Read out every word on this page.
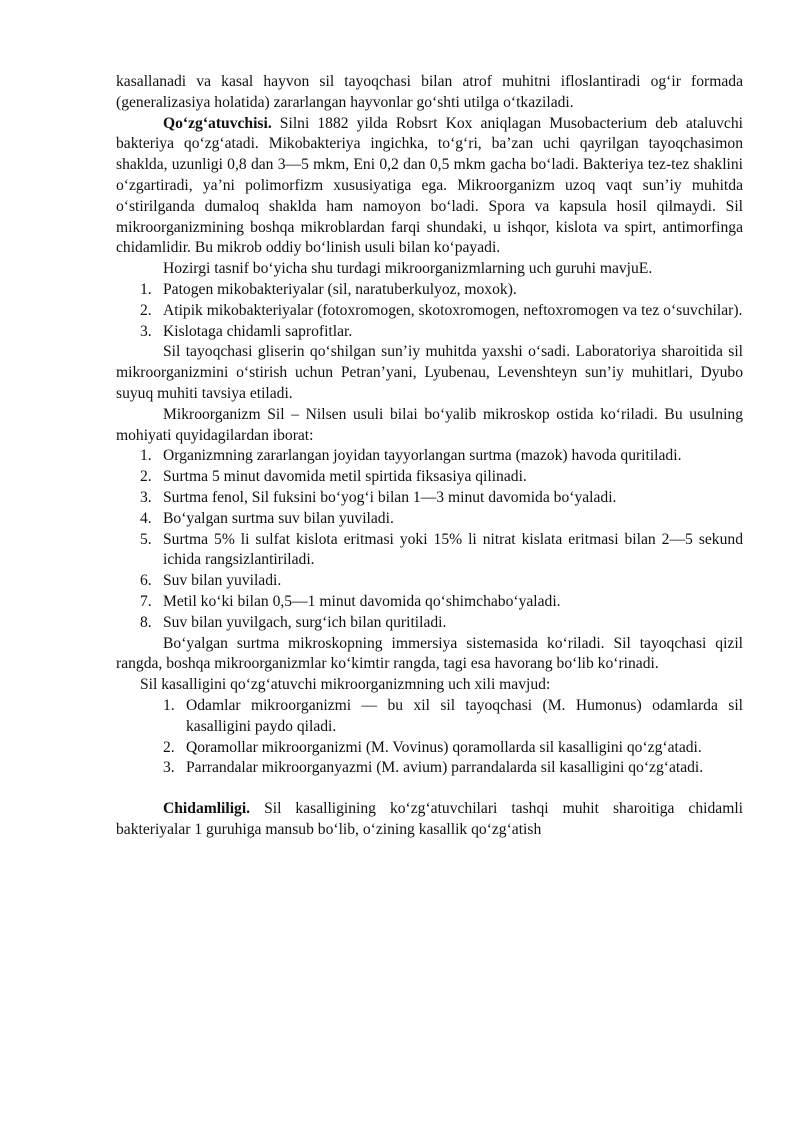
kasallanadi va kasal hayvon sil tayoqchasi bilan atrof muhitni ifloslantiradi og‘ir formada (generalizasiya holatida) zararlangan hayvonlar go‘shti utilga o‘tkaziladi.

Qo‘zg‘atuvchisi. Silni 1882 yilda Robsrt Kox aniqlagan Musobacterium deb ataluvchi bakteriya qo‘zg‘atadi. Mikobakteriya ingichka, to‘g‘ri, ba’zan uchi qayrilgan tayoqchasimon shaklda, uzunligi 0,8 dan 3—5 mkm, Eni 0,2 dan 0,5 mkm gacha bo‘ladi. Bakteriya tez-tez shaklini o‘zgartiradi, ya’ni polimorfizm xususiyatiga ega. Mikroorganizm uzoq vaqt sun’iy muhitda o‘stirilganda dumaloq shaklda ham namoyon bo‘ladi. Spora va kapsula hosil qilmaydi. Sil mikroorganizmining boshqa mikroblardan farqi shundaki, u ishqor, kislota va spirt, antimorfinga chidamlidir. Bu mikrob oddiy bo‘linish usuli bilan ko‘payadi.

Hozirgi tasnif bo‘yicha shu turdagi mikroorganizmlarning uch guruhi mavjuE.

1. Patogen mikobakteriyalar (sil, naratuberkulyoz, moxok).
2. Atipik mikobakteriyalar (fotoxromogen, skotoxromogen, neftoxromogen va tez o‘suvchilar).
3. Kislotaga chidamli saprofitlar.

Sil tayoqchasi gliserin qo‘shilgan sun’iy muhitda yaxshi o‘sadi. Laboratoriya sharoitida sil mikroorganizmini o‘stirish uchun Petran’yani, Lyubenau, Levenshteyn sun’iy muhitlari, Dyubo suyuq muhiti tavsiya etiladi.

Mikroorganizm Sil – Nilsen usuli bilai bo‘yalib mikroskop ostida ko‘riladi. Bu usulning mohiyati quyidagilardan iborat:

1. Organizmning zararlangan joyidan tayyorlangan surtma (mazok) havoda quritiladi.
2. Surtma 5 minut davomida metil spirtida fiksasiya qilinadi.
3. Surtma fenol, Sil fuksini bo‘yog‘i bilan 1—3 minut davomida bo‘yaladi.
4. Bo‘yalgan surtma suv bilan yuviladi.
5. Surtma 5% li sulfat kislota eritmasi yoki 15% li nitrat kislata eritmasi bilan 2—5 sekund ichida rangsizlantiriladi.
6. Suv bilan yuviladi.
7. Metil ko‘ki bilan 0,5—1 minut davomida qo‘shimchabo‘yaladi.
8. Suv bilan yuvilgach, surg‘ich bilan quritiladi.

Bo‘yalgan surtma mikroskopning immersiya sistemasida ko‘riladi. Sil tayoqchasi qizil rangda, boshqa mikroorganizmlar ko‘kimtir rangda, tagi esa havorang bo‘lib ko‘rinadi.

Sil kasalligini qo‘zg‘atuvchi mikroorganizmning uch xili mavjud:

1. Odamlar mikroorganizmi — bu xil sil tayoqchasi (M. Humonus) odamlarda sil kasalligini paydo qiladi.
2. Qoramollar mikroorganizmi (M. Vovinus) qoramollarda sil kasalligini qo‘zg‘atadi.
3. Parrandalar mikroorganyazmi (M. avium) parrandalarda sil kasalligini qo‘zg‘atadi.

Chidamliligi. Sil kasalligining ko‘zg‘atuvchilari tashqi muhit sharoitiga chidamli bakteriyalar 1 guruhiga mansub bo‘lib, o‘zining kasallik qo‘zg‘atish
